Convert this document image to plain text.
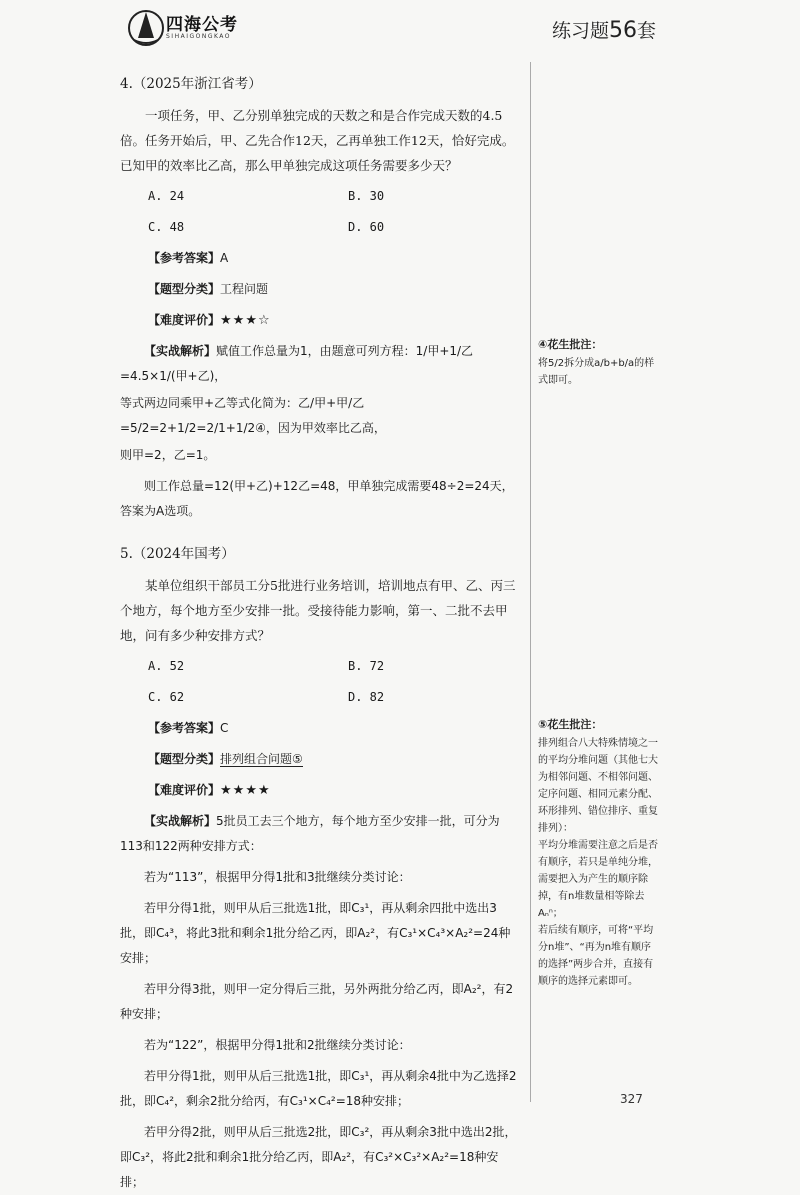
四海公考
SIHAIGONGKAO	练习题56套

4.（2025年浙江省考）

一项任务，甲、乙分别单独完成的天数之和是合作完成天数的4.5倍。任务开始后，甲、乙先合作12天，乙再单独工作12天，恰好完成。已知甲的效率比乙高，那么甲单独完成这项任务需要多少天？

A. 24	B. 30
C. 48	D. 60
【参考答案】A
【题型分类】工程问题
【难度评价】★★★☆

【实战解析】赋值工作总量为1，由题意可列方程：1/甲+1/乙=4.5×1/(甲+乙)，

等式两边同乘甲+乙等式化简为：乙/甲+甲/乙=5/2=2+1/2=2/1+1/2④，因为甲效率比乙高，

则甲=2，乙=1。

则工作总量=12(甲+乙)+12乙=48，甲单独完成需要48÷2=24天，答案为A选项。

5.（2024年国考）

某单位组织干部员工分5批进行业务培训，培训地点有甲、乙、丙三个地方，每个地方至少安排一批。受接待能力影响，第一、二批不去甲地，问有多少种安排方式？

A. 52	B. 72
C. 62	D. 82
【参考答案】C
【题型分类】排列组合问题⑤
【难度评价】★★★★

【实战解析】5批员工去三个地方，每个地方至少安排一批，可分为113和122两种安排方式：

若为“113”，根据甲分得1批和3批继续分类讨论：

若甲分得1批，则甲从后三批选1批，即C₃¹，再从剩余四批中选出3批，即C₄³，将此3批和剩余1批分给乙丙，即A₂²，有C₃¹×C₄³×A₂²=24种安排；

若甲分得3批，则甲一定分得后三批，另外两批分给乙丙，即A₂²，有2种安排；

若为“122”，根据甲分得1批和2批继续分类讨论：

若甲分得1批，则甲从后三批选1批，即C₃¹，再从剩余4批中为乙选择2批，即C₄²，剩余2批分给丙，有C₃¹×C₄²=18种安排；

若甲分得2批，则甲从后三批选2批，即C₃²，再从剩余3批中选出2批，即C₃²，将此2批和剩余1批分给乙丙，即A₂²，有C₃²×C₃²×A₂²=18种安排；

④花生批注：

将5/2拆分成a/b+b/a的样式即可。

⑤花生批注：

排列组合八大特殊情境之一的平均分堆问题（其他七大为相邻问题、不相邻问题、定序问题、相同元素分配、环形排列、错位排序、重复排列）：

平均分堆需要注意之后是否有顺序，若只是单纯分堆，需要把入为产生的顺序除掉，有n堆数量相等除去Aₙⁿ；

若后续有顺序，可将“平均分n堆”、“再为n堆有顺序的选择”两步合并，直接有顺序的选择元素即可。

327
